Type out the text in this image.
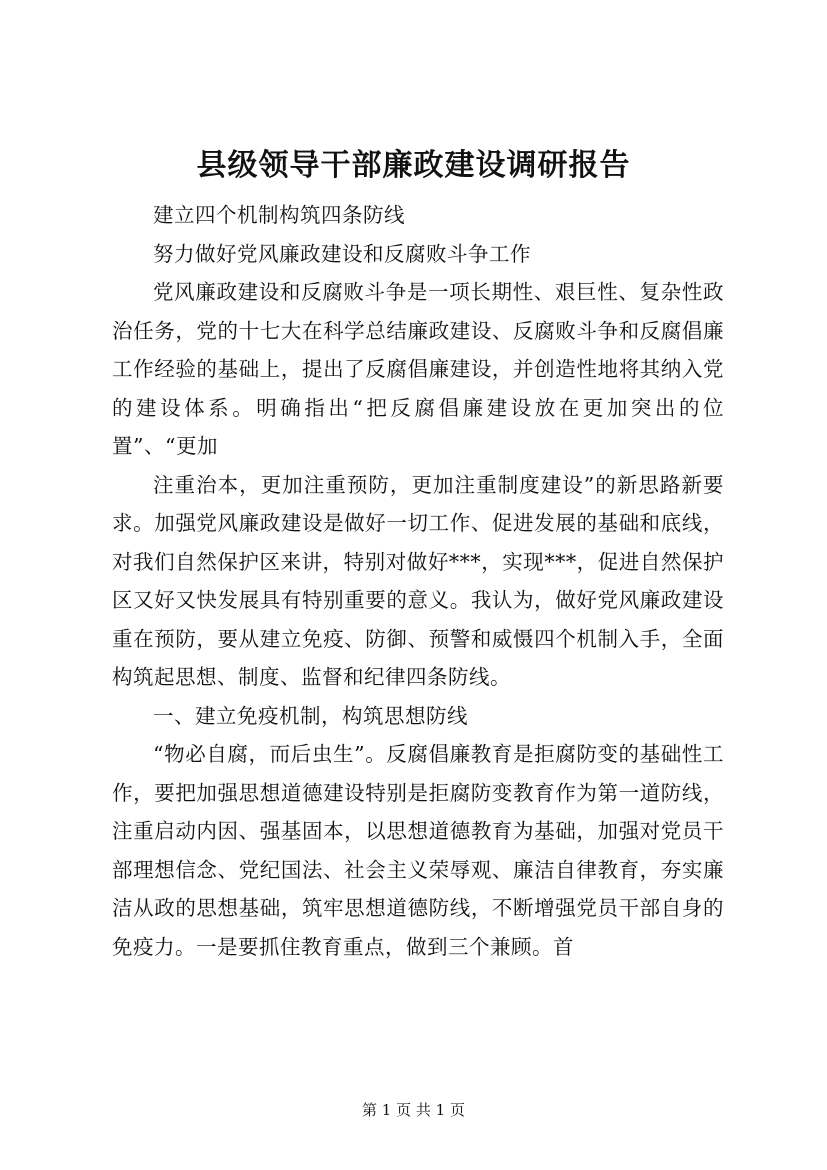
县级领导干部廉政建设调研报告

建立四个机制构筑四条防线

努力做好党风廉政建设和反腐败斗争工作

党风廉政建设和反腐败斗争是一项长期性、艰巨性、复杂性政治任务，党的十七大在科学总结廉政建设、反腐败斗争和反腐倡廉工作经验的基础上，提出了反腐倡廉建设，并创造性地将其纳入党的建设体系。明确指出“把反腐倡廉建设放在更加突出的位置”、“更加

注重治本，更加注重预防，更加注重制度建设”的新思路新要求。加强党风廉政建设是做好一切工作、促进发展的基础和底线，对我们自然保护区来讲，特别对做好***，实现***，促进自然保护区又好又快发展具有特别重要的意义。我认为，做好党风廉政建设重在预防，要从建立免疫、防御、预警和威慑四个机制入手，全面构筑起思想、制度、监督和纪律四条防线。

一、建立免疫机制，构筑思想防线

“物必自腐，而后虫生”。反腐倡廉教育是拒腐防变的基础性工作，要把加强思想道德建设特别是拒腐防变教育作为第一道防线，注重启动内因、强基固本，以思想道德教育为基础，加强对党员干部理想信念、党纪国法、社会主义荣辱观、廉洁自律教育，夯实廉洁从政的思想基础，筑牢思想道德防线，不断增强党员干部自身的免疫力。一是要抓住教育重点，做到三个兼顾。首

第 1 页 共 1 页
